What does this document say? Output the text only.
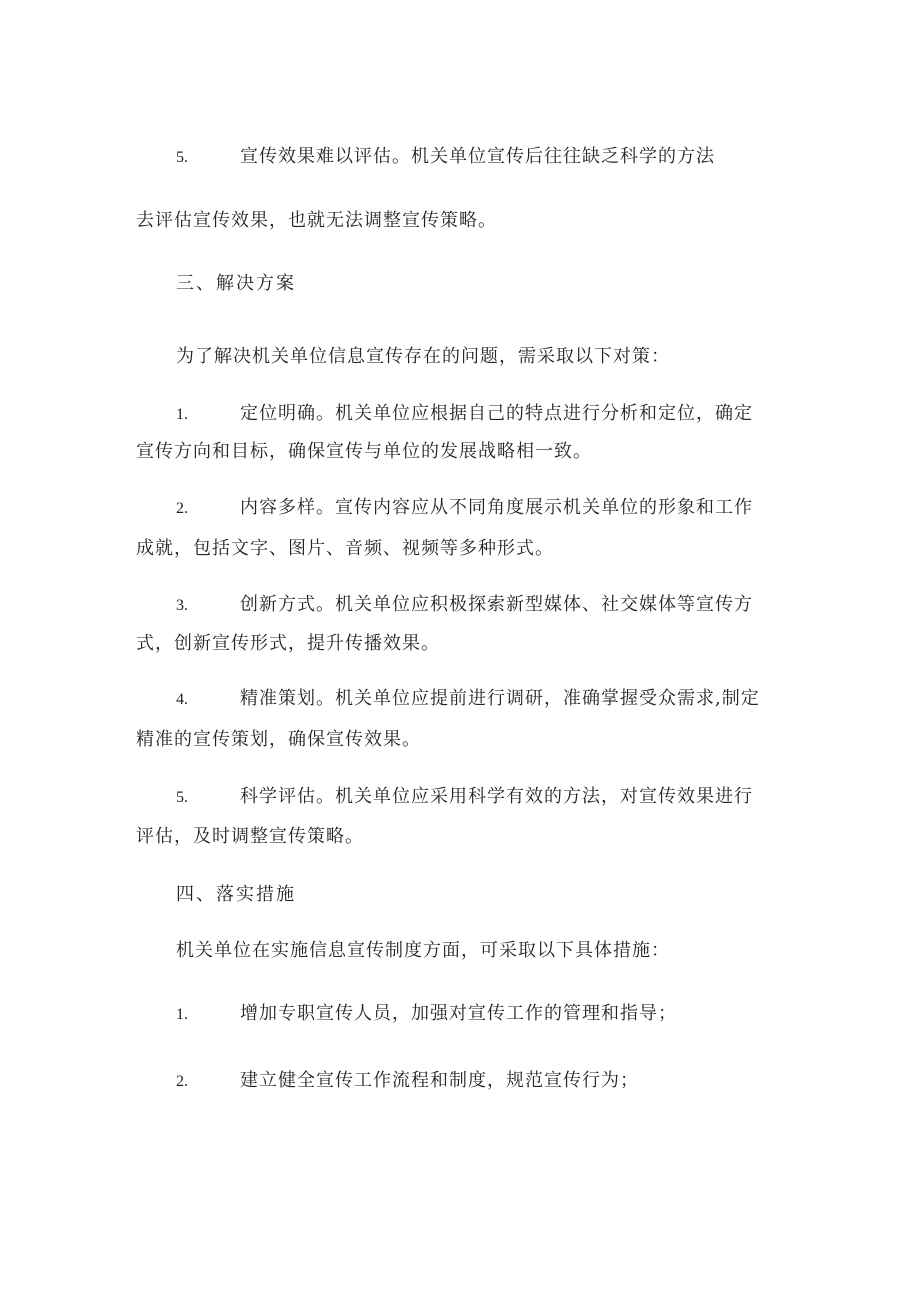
5.	宣传效果难以评估。机关单位宣传后往往缺乏科学的方法
去评估宣传效果，也就无法调整宣传策略。
三、解决方案
为了解决机关单位信息宣传存在的问题，需采取以下对策：
1.	定位明确。机关单位应根据自己的特点进行分析和定位，确定
宣传方向和目标，确保宣传与单位的发展战略相一致。
2.	内容多样。宣传内容应从不同角度展示机关单位的形象和工作
成就，包括文字、图片、音频、视频等多种形式。
3.	创新方式。机关单位应积极探索新型媒体、社交媒体等宣传方
式，创新宣传形式，提升传播效果。
4.	精准策划。机关单位应提前进行调研，准确掌握受众需求,制定
精准的宣传策划，确保宣传效果。
5.	科学评估。机关单位应采用科学有效的方法，对宣传效果进行
评估，及时调整宣传策略。
四、落实措施
机关单位在实施信息宣传制度方面，可采取以下具体措施：
1.	增加专职宣传人员，加强对宣传工作的管理和指导；
2.	建立健全宣传工作流程和制度，规范宣传行为；
